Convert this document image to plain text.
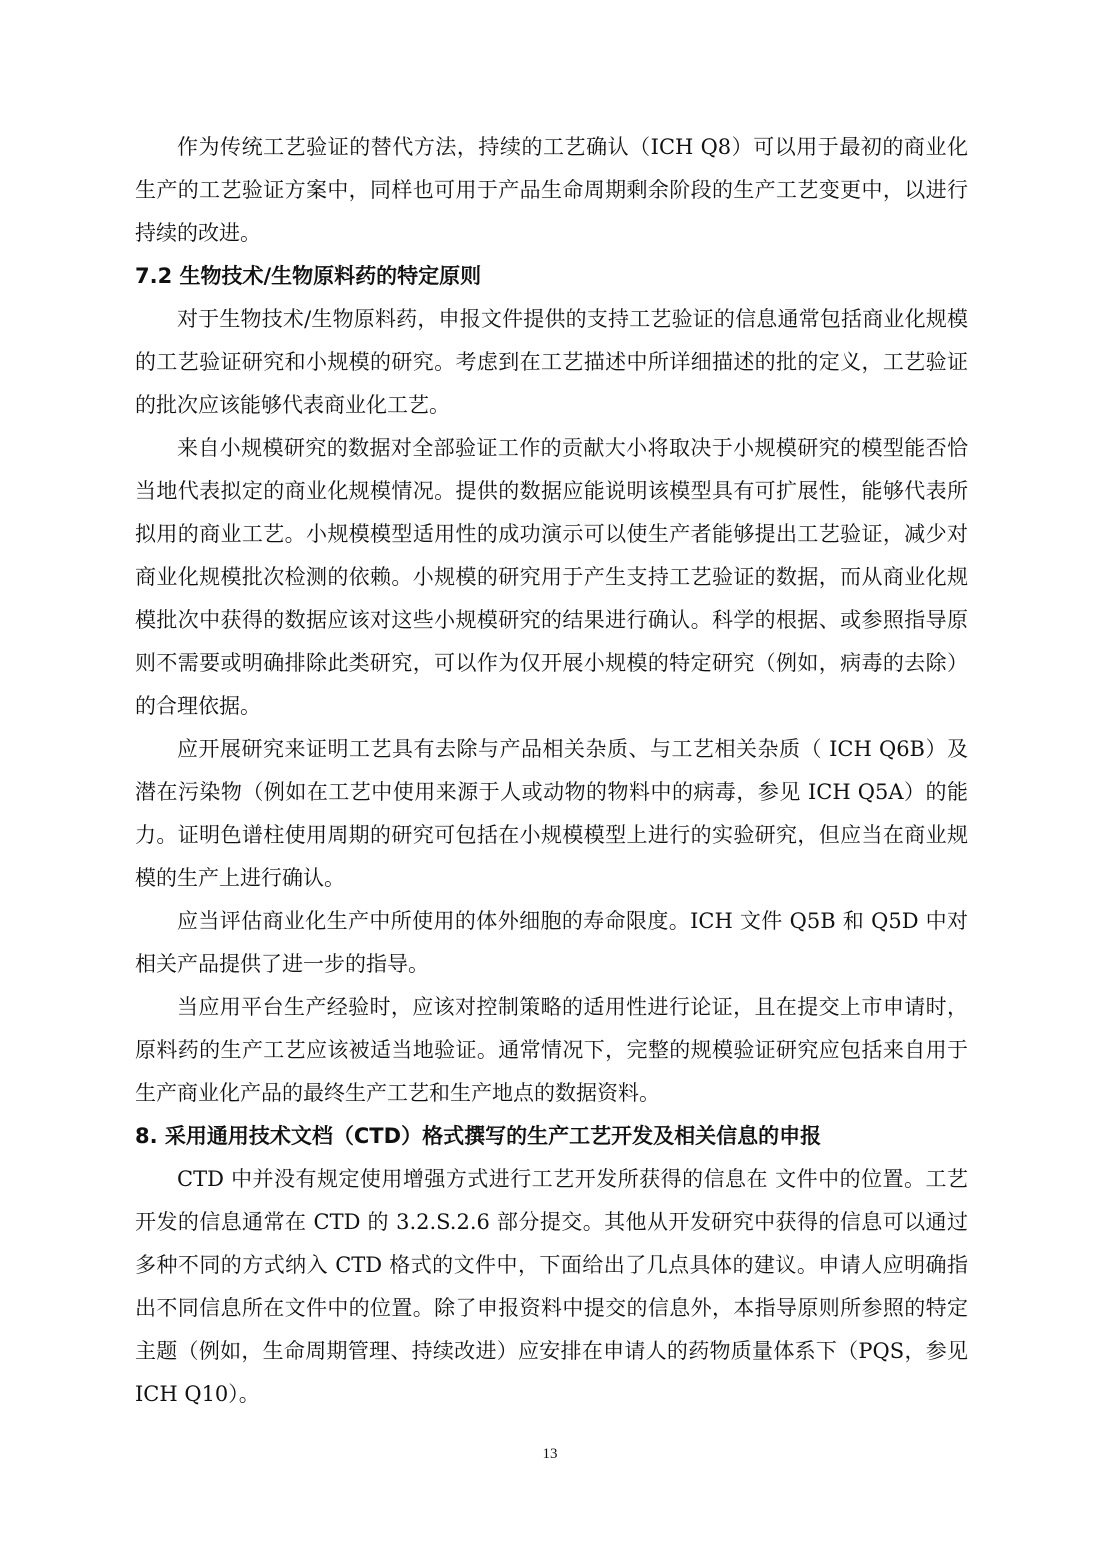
作为传统工艺验证的替代方法，持续的工艺确认（ICH Q8）可以用于最初的商业化生产的工艺验证方案中，同样也可用于产品生命周期剩余阶段的生产工艺变更中，以进行持续的改进。

7.2 生物技术/生物原料药的特定原则

对于生物技术/生物原料药，申报文件提供的支持工艺验证的信息通常包括商业化规模的工艺验证研究和小规模的研究。考虑到在工艺描述中所详细描述的批的定义，工艺验证的批次应该能够代表商业化工艺。

来自小规模研究的数据对全部验证工作的贡献大小将取决于小规模研究的模型能否恰当地代表拟定的商业化规模情况。提供的数据应能说明该模型具有可扩展性，能够代表所拟用的商业工艺。小规模模型适用性的成功演示可以使生产者能够提出工艺验证，减少对商业化规模批次检测的依赖。小规模的研究用于产生支持工艺验证的数据，而从商业化规模批次中获得的数据应该对这些小规模研究的结果进行确认。科学的根据、或参照指导原则不需要或明确排除此类研究，可以作为仅开展小规模的特定研究（例如，病毒的去除）的合理依据。

应开展研究来证明工艺具有去除与产品相关杂质、与工艺相关杂质（ ICH Q6B）及潜在污染物（例如在工艺中使用来源于人或动物的物料中的病毒，参见 ICH Q5A）的能力。证明色谱柱使用周期的研究可包括在小规模模型上进行的实验研究，但应当在商业规模的生产上进行确认。

应当评估商业化生产中所使用的体外细胞的寿命限度。ICH 文件 Q5B 和 Q5D 中对相关产品提供了进一步的指导。

当应用平台生产经验时，应该对控制策略的适用性进行论证，且在提交上市申请时，原料药的生产工艺应该被适当地验证。通常情况下，完整的规模验证研究应包括来自用于生产商业化产品的最终生产工艺和生产地点的数据资料。

8. 采用通用技术文档（CTD）格式撰写的生产工艺开发及相关信息的申报

CTD 中并没有规定使用增强方式进行工艺开发所获得的信息在 文件中的位置。工艺开发的信息通常在 CTD 的 3.2.S.2.6 部分提交。其他从开发研究中获得的信息可以通过多种不同的方式纳入 CTD 格式的文件中，下面给出了几点具体的建议。申请人应明确指出不同信息所在文件中的位置。除了申报资料中提交的信息外，本指导原则所参照的特定主题（例如，生命周期管理、持续改进）应安排在申请人的药物质量体系下（PQS，参见 ICH Q10）。

13
